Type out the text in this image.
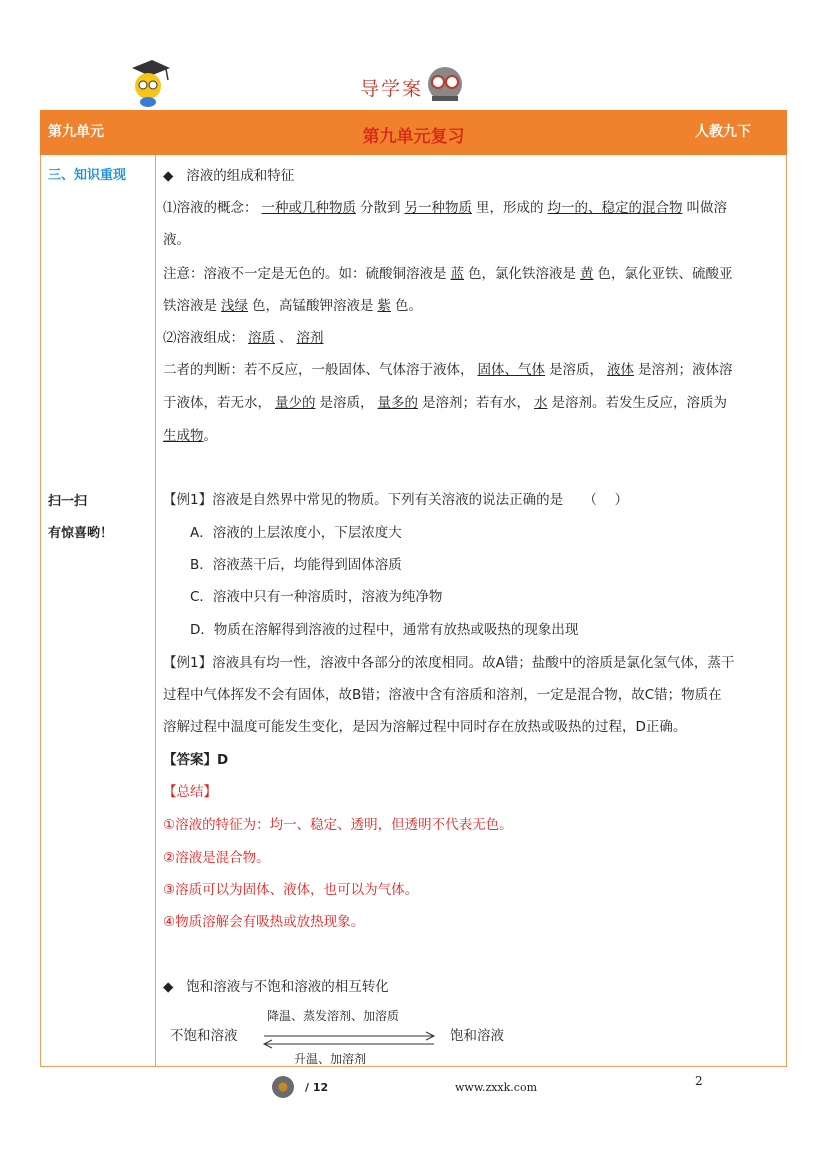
导学案
第九单元	第九单元复习	人教九下
三、知识重现
扫一扫
有惊喜哟！
◆ 溶液的组成和特征
⑴溶液的概念： 一种或几种物质 分散到 另一种物质 里，形成的 均一的、稳定的混合物 叫做溶
液。
注意：溶液不一定是无色的。如：硫酸铜溶液是 蓝 色，氯化铁溶液是 黄 色，氯化亚铁、硫酸亚
铁溶液是 浅绿 色，高锰酸钾溶液是 紫 色。
⑵溶液组成： 溶质 、 溶剂
二者的判断：若不反应，一般固体、气体溶于液体， 固体、气体 是溶质， 液体 是溶剂；液体溶
于液体，若无水， 量少的 是溶质， 量多的 是溶剂；若有水， 水 是溶剂。若发生反应，溶质为
生成物。
【例1】溶液是自然界中常见的物质。下列有关溶液的说法正确的是　　（　 ）
A．溶液的上层浓度小，下层浓度大
B．溶液蒸干后，均能得到固体溶质
C．溶液中只有一种溶质时，溶液为纯净物
D．物质在溶解得到溶液的过程中，通常有放热或吸热的现象出现
【例1】溶液具有均一性，溶液中各部分的浓度相同。故A错；盐酸中的溶质是氯化氢气体，蒸干
过程中气体挥发不会有固体，故B错；溶液中含有溶质和溶剂，一定是混合物，故C错；物质在
溶解过程中温度可能发生变化，是因为溶解过程中同时存在放热或吸热的过程，D正确。
【答案】D
【总结】
①溶液的特征为：均一、稳定、透明，但透明不代表无色。
②溶液是混合物。
③溶质可以为固体、液体，也可以为气体。
④物质溶解会有吸热或放热现象。
◆ 饱和溶液与不饱和溶液的相互转化
降温、蒸发溶剂、加溶质
不饱和溶液	饱和溶液
升温、加溶剂
2
/ 12	www.zxxk.com
